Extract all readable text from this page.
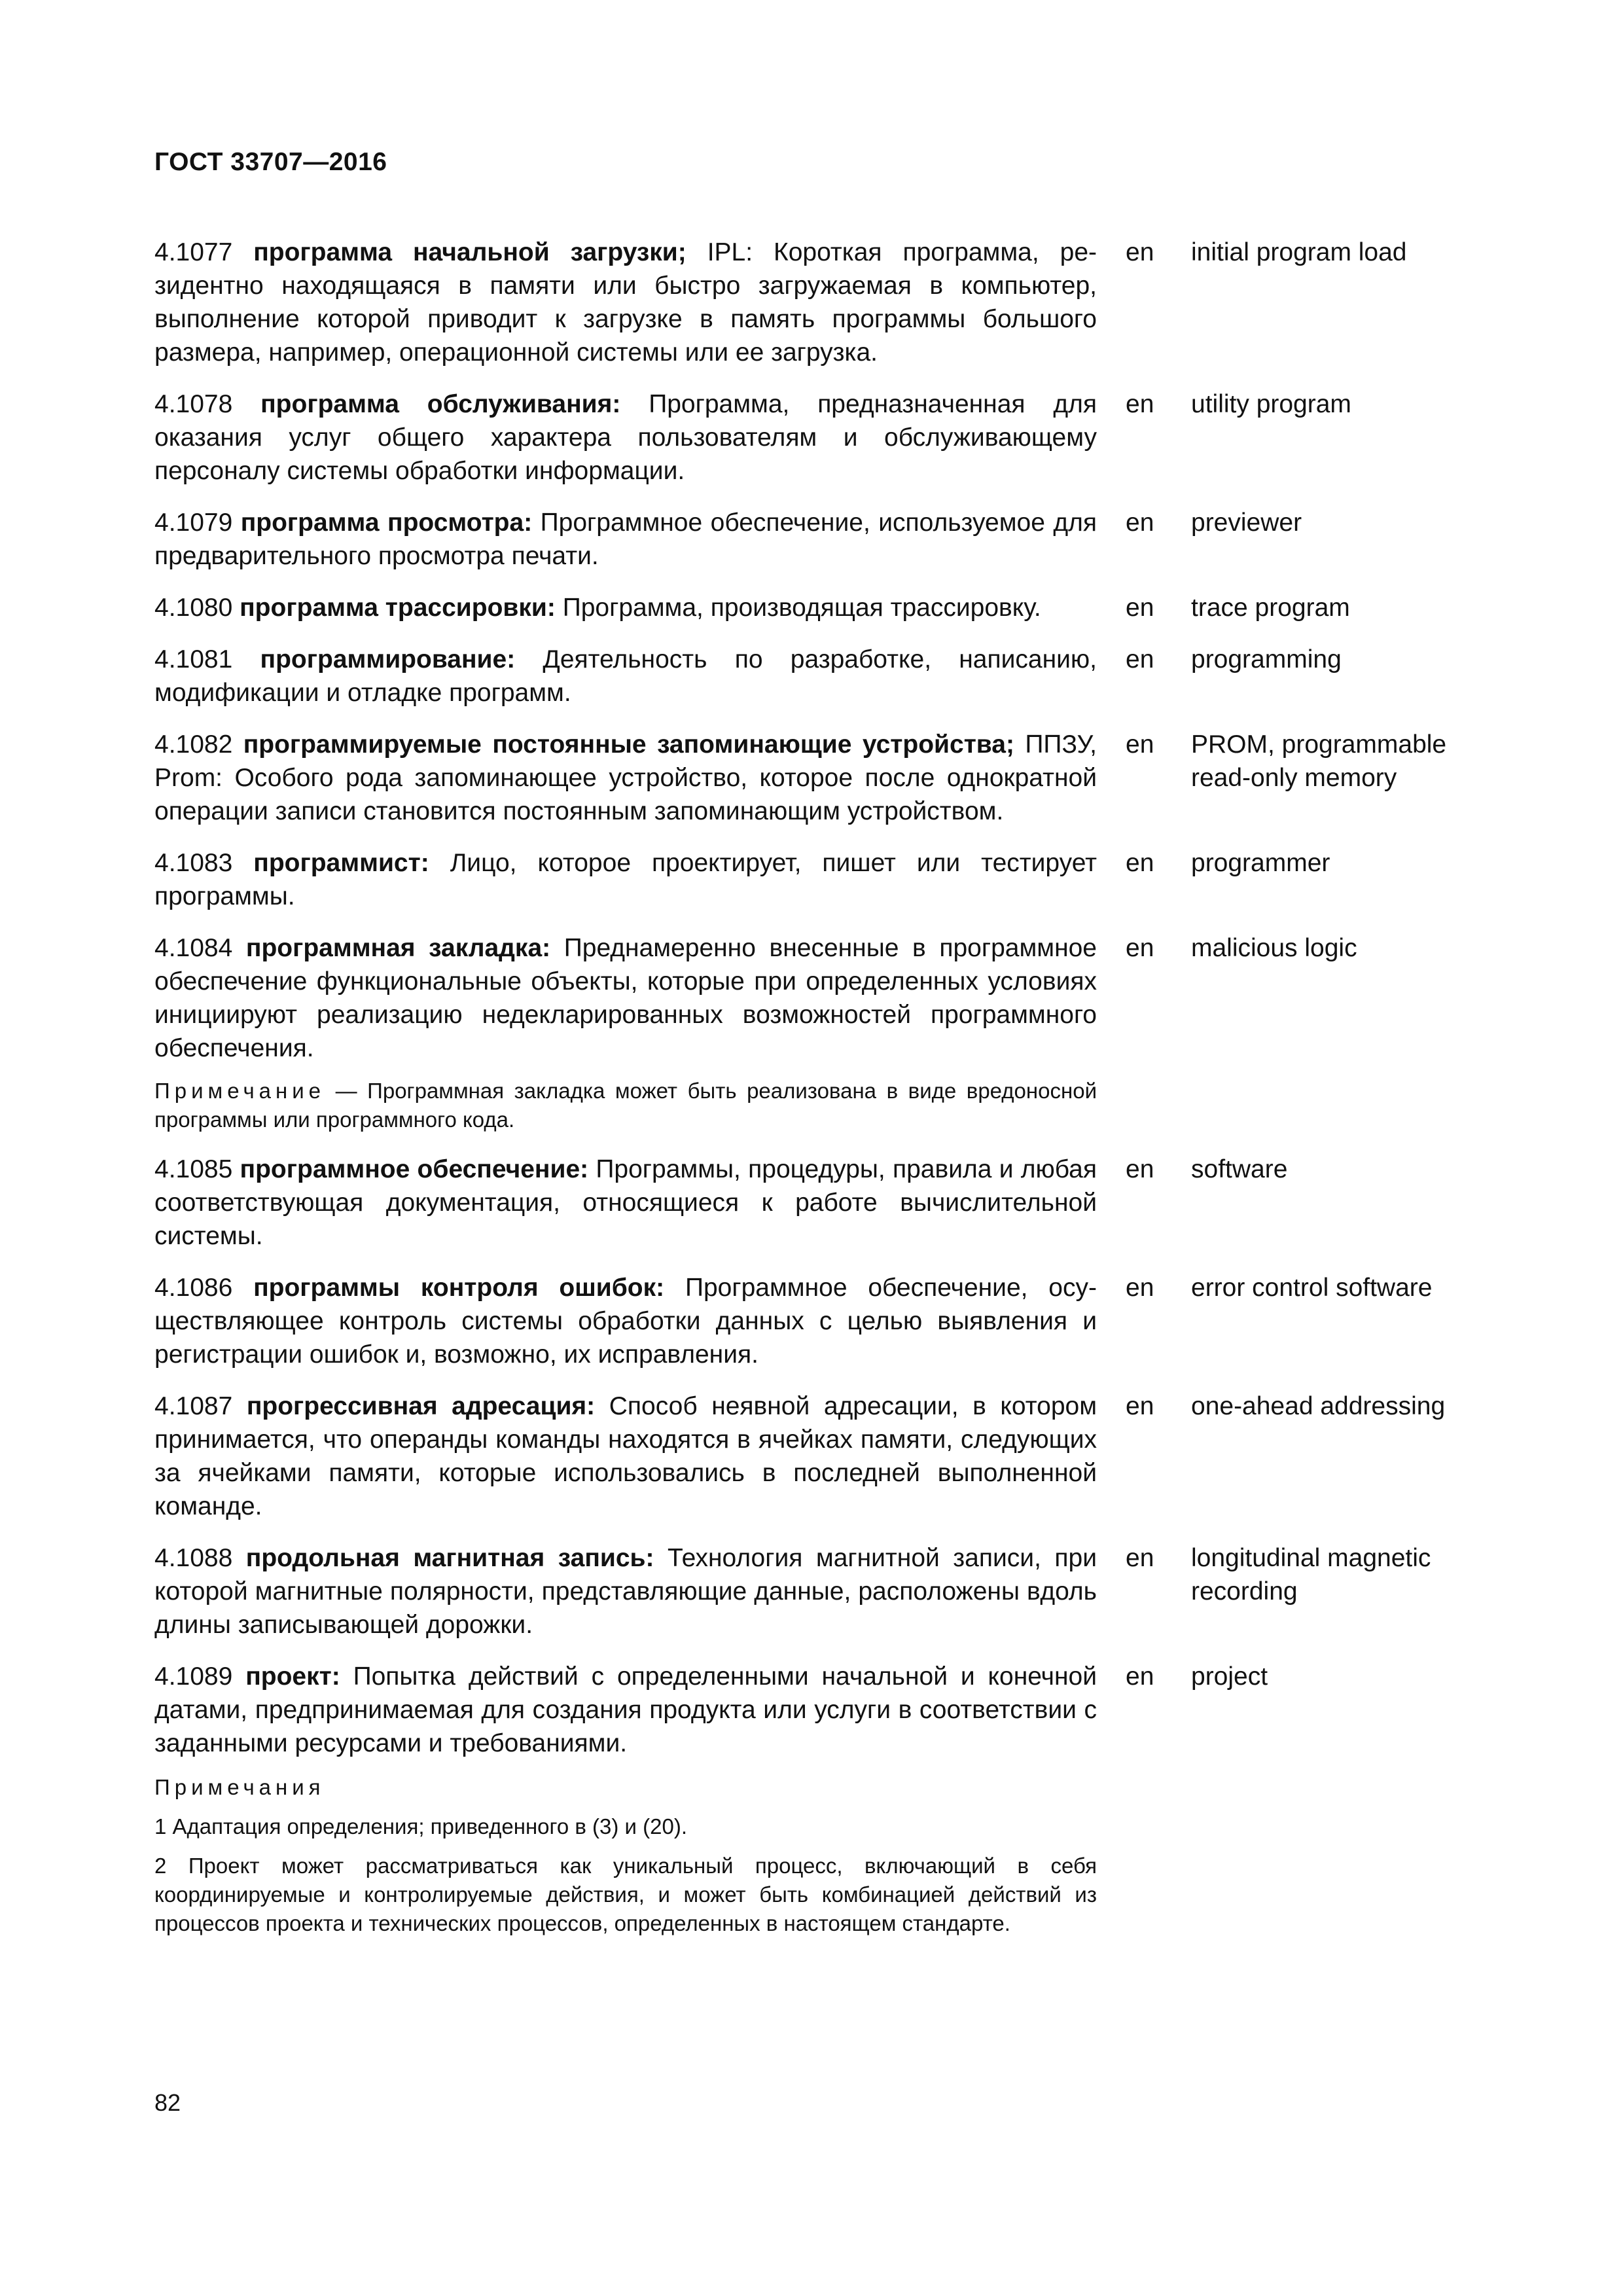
ГОСТ 33707—2016
4.1077 программа начальной загрузки; IPL: Короткая программа, резидентно находящаяся в памяти или быстро загружаемая в компьютер, выполнение которой приводит к загрузке в память программы большого размера, например, операционной системы или ее загрузка.
en initial program load
4.1078 программа обслуживания: Программа, предназначенная для оказания услуг общего характера пользователям и обслуживающему персоналу системы обработки информации.
en utility program
4.1079 программа просмотра: Программное обеспечение, используемое для предварительного просмотра печати.
en previewer
4.1080 программа трассировки: Программа, производящая трассировку.	en trace program
4.1081 программирование: Деятельность по разработке, написанию, модификации и отладке программ.
en programming
4.1082 программируемые постоянные запоминающие устройства; ППЗУ, Prom: Особого рода запоминающее устройство, которое после однократной операции записи становится постоянным запоминающим устройством.
en PROM, programmable read-only memory
4.1083 программист: Лицо, которое проектирует, пишет или тестирует программы.
en programmer
4.1084 программная закладка: Преднамеренно внесенные в программное обеспечение функциональные объекты, которые при определенных условиях инициируют реализацию недекларированных возможностей программного обеспечения.
en malicious logic
Примечание — Программная закладка может быть реализована в виде вредоносной программы или программного кода.
4.1085 программное обеспечение: Программы, процедуры, правила и любая соответствующая документация, относящиеся к работе вычислительной системы.
en software
4.1086 программы контроля ошибок: Программное обеспечение, осуществляющее контроль системы обработки данных с целью выявления и регистрации ошибок и, возможно, их исправления.
en error control software
4.1087 прогрессивная адресация: Способ неявной адресации, в котором принимается, что операнды команды находятся в ячейках памяти, следующих за ячейками памяти, которые использовались в последней выполненной команде.
en one-ahead addressing
4.1088 продольная магнитная запись: Технология магнитной записи, при которой магнитные полярности, представляющие данные, расположены вдоль длины записывающей дорожки.
en longitudinal magnetic recording
4.1089 проект: Попытка действий с определенными начальной и конечной датами, предпринимаемая для создания продукта или услуги в соответствии с заданными ресурсами и требованиями.
en project
Примечания
1 Адаптация определения; приведенного в (3) и (20).
2 Проект может рассматриваться как уникальный процесс, включающий в себя координируемые и контролируемые действия, и может быть комбинацией действий из процессов проекта и технических процессов, определенных в настоящем стандарте.
82
